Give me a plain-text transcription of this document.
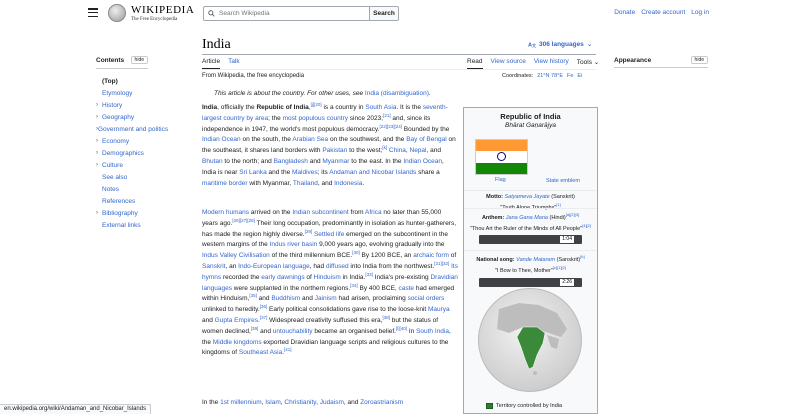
WIKIPEDIA
The Free Encyclopedia
Search Wikipedia
Search	Donate Create account Log in
Contents	hide
(Top)
Etymology
› History
› Geography
› Government and politics
› Economy
› Demographics
› Culture
See also
Notes
References
› Bibliography
External links
India	A 文 306 languages ⌄
Article Talk	Read View source View history Tools ⌄ Appearance	hide
From Wikipedia, the free encyclopedia	Coordinates: 21°N 78°E Fe Ei
This article is about the country. For other uses, see India (disambiguation).
India, officially the Republic of India,[j][20] is a country in South Asia. It is the seventh-largest country by area; the most populous country since 2023;[21] and, since its independence in 1947, the world's most populous democracy.[22][23][24] Bounded by the Indian Ocean on the south, the Arabian Sea on the southwest, and the Bay of Bengal on the southeast, it shares land borders with Pakistan to the west;[k] China, Nepal, and Bhutan to the north; and Bangladesh and Myanmar to the east. In the Indian Ocean, India is near Sri Lanka and the Maldives; its Andaman and Nicobar Islands share a maritime border with Myanmar, Thailand, and Indonesia.
Modern humans arrived on the Indian subcontinent from Africa no later than 55,000 years ago.[26][27][28] Their long occupation, predominantly in isolation as hunter-gatherers, has made the region highly diverse.[29] Settled life emerged on the subcontinent in the western margins of the Indus river basin 9,000 years ago, evolving gradually into the Indus Valley Civilisation of the third millennium BCE.[30] By 1200 BCE, an archaic form of Sanskrit, an Indo-European language, had diffused into India from the northwest.[31][32] Its hymns recorded the early dawnings of Hinduism in India.[33] India's pre-existing Dravidian languages were supplanted in the northern regions.[34] By 400 BCE, caste had emerged within Hinduism,[35] and Buddhism and Jainism had arisen, proclaiming social orders unlinked to heredity.[36] Early political consolidations gave rise to the loose-knit Maurya and Gupta Empires.[37] Widespread creativity suffused this era,[38] but the status of women declined,[39] and untouchability became an organised belief.[l][40] In South India, the Middle kingdoms exported Dravidian language scripts and religious cultures to the kingdoms of Southeast Asia.[41]
In the 1st millennium, Islam, Christianity, Judaism, and Zoroastrianism
Republic of India
Bhārat Gaṇarājya
Flag	State emblem
Motto: Satyameva Jayate (Sanskrit)
"Truth Alone Triumphs"[1]
Anthem: Jana Gana Mana (Hindi)[a][2][3]
"Thou Art the Ruler of the Minds of All People"[4][2]
1:04
National song: Vande Mataram (Sanskrit)[b]
"I Bow to Thee, Mother"[c][1][2]
2:26
Territory controlled by India
en.wikipedia.org/wiki/Andaman_and_Nicobar_Islands
